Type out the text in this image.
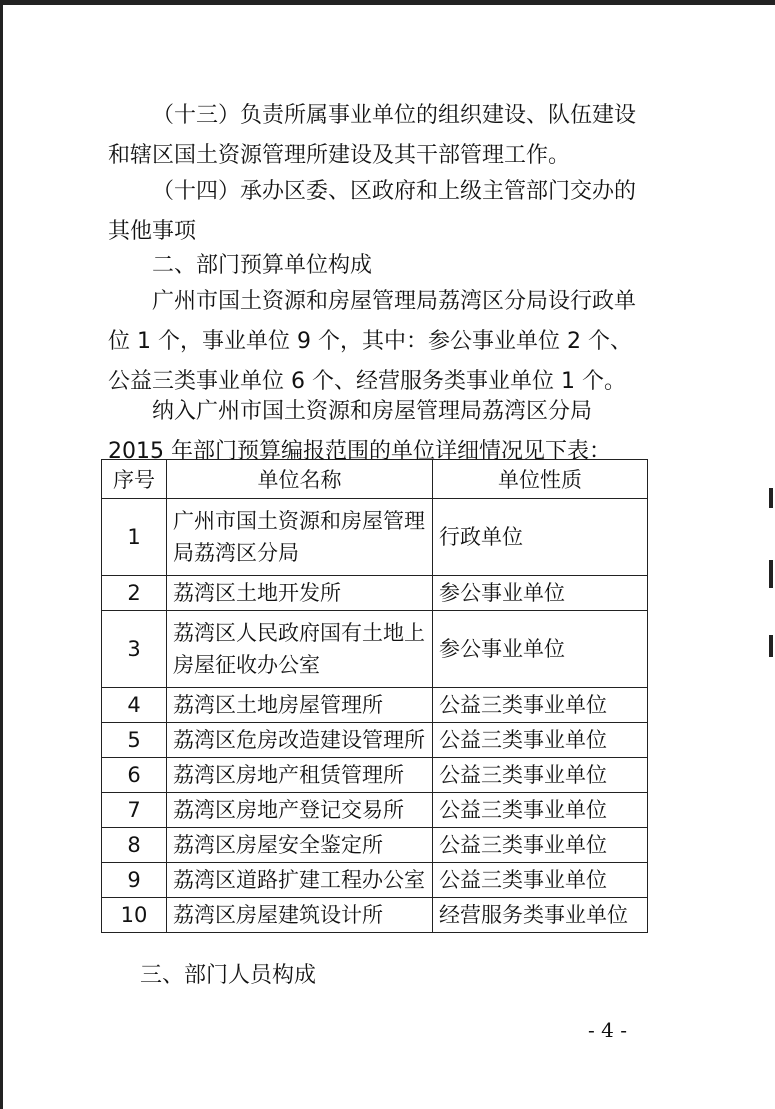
（十三）负责所属事业单位的组织建设、队伍建设和辖区国土资源管理所建设及其干部管理工作。

（十四）承办区委、区政府和上级主管部门交办的其他事项

二、部门预算单位构成

广州市国土资源和房屋管理局荔湾区分局设行政单位 1 个，事业单位 9 个，其中：参公事业单位 2 个、公益三类事业单位 6 个、经营服务类事业单位 1 个。

纳入广州市国土资源和房屋管理局荔湾区分局 2015 年部门预算编报范围的单位详细情况见下表：

序号	单位名称	单位性质
1	广州市国土资源和房屋管理局荔湾区分局	行政单位
2	荔湾区土地开发所	参公事业单位
3	荔湾区人民政府国有土地上房屋征收办公室	参公事业单位
4	荔湾区土地房屋管理所	公益三类事业单位
5	荔湾区危房改造建设管理所	公益三类事业单位
6	荔湾区房地产租赁管理所	公益三类事业单位
7	荔湾区房地产登记交易所	公益三类事业单位
8	荔湾区房屋安全鉴定所	公益三类事业单位
9	荔湾区道路扩建工程办公室	公益三类事业单位
10	荔湾区房屋建筑设计所	经营服务类事业单位
三、部门人员构成
- 4 -
